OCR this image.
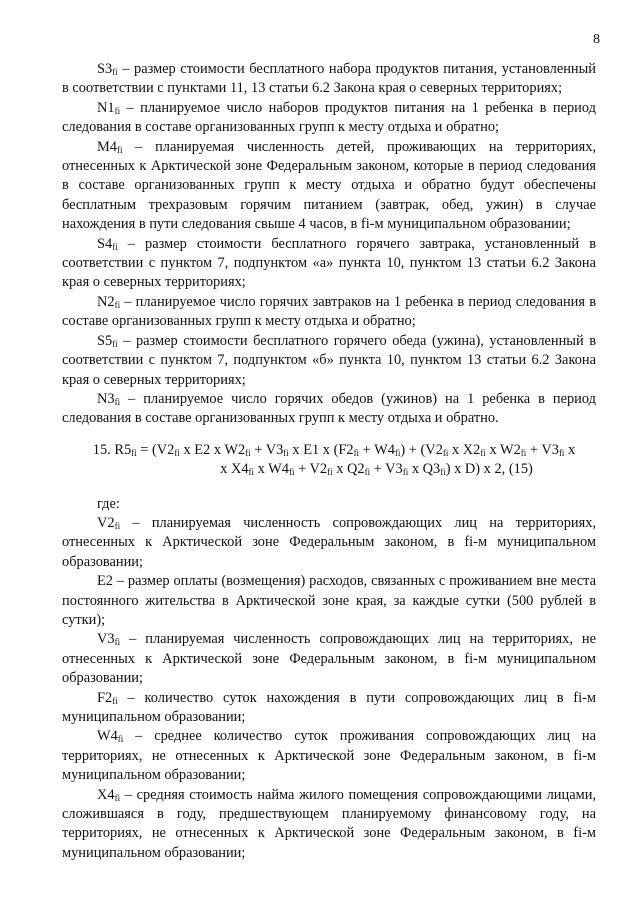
8

$S3_{fi}$ – размер стоимости бесплатного набора продуктов питания, установленный в соответствии с пунктами 11, 13 статьи 6.2 Закона края о северных территориях;

$N1_{fi}$ – планируемое число наборов продуктов питания на 1 ребенка в период следования в составе организованных групп к месту отдыха и обратно;

$M4_{fi}$ – планируемая численность детей, проживающих на территориях, отнесенных к Арктической зоне Федеральным законом, которые в период следования в составе организованных групп к месту отдыха и обратно будут обеспечены бесплатным трехразовым горячим питанием (завтрак, обед, ужин) в случае нахождения в пути следования свыше 4 часов, в fi-м муниципальном образовании;

$S4_{fi}$ – размер стоимости бесплатного горячего завтрака, установленный в соответствии с пунктом 7, подпунктом «а» пункта 10, пунктом 13 статьи 6.2 Закона края о северных территориях;

$N2_{fi}$ – планируемое число горячих завтраков на 1 ребенка в период следования в составе организованных групп к месту отдыха и обратно;

$S5_{fi}$ – размер стоимости бесплатного горячего обеда (ужина), установленный в соответствии с пунктом 7, подпунктом «б» пункта 10, пунктом 13 статьи 6.2 Закона края о северных территориях;

$N3_{fi}$ – планируемое число горячих обедов (ужинов) на 1 ребенка в период следования в составе организованных групп к месту отдыха и обратно.

15. $R5_{fi} = (V2_{fi}$ x E2 x $W2_{fi} + V3_{fi}$ x E1 x $(F2_{fi} + W4_{fi}) + (V2_{fi}$ x $X2_{fi}$ x $W2_{fi} + V3_{fi}$ x
x $X4_{fi}$ x $W4_{fi} + V2_{fi}$ x $Q2_{fi} + V3_{fi}$ x $Q3_{fi}$) x D) x 2, (15)
где:

$V2_{fi}$ – планируемая численность сопровождающих лиц на территориях, отнесенных к Арктической зоне Федеральным законом, в fi-м муниципальном образовании;

E2 – размер оплаты (возмещения) расходов, связанных с проживанием вне места постоянного жительства в Арктической зоне края, за каждые сутки (500 рублей в сутки);

$V3_{fi}$ – планируемая численность сопровождающих лиц на территориях, не отнесенных к Арктической зоне Федеральным законом, в fi-м муниципальном образовании;

$F2_{fi}$ – количество суток нахождения в пути сопровождающих лиц в fi-м муниципальном образовании;

$W4_{fi}$ – среднее количество суток проживания сопровождающих лиц на территориях, не отнесенных к Арктической зоне Федеральным законом, в fi-м муниципальном образовании;

$X4_{fi}$ – средняя стоимость найма жилого помещения сопровождающими лицами, сложившаяся в году, предшествующем планируемому финансовому году, на территориях, не отнесенных к Арктической зоне Федеральным законом, в fi-м муниципальном образовании;
